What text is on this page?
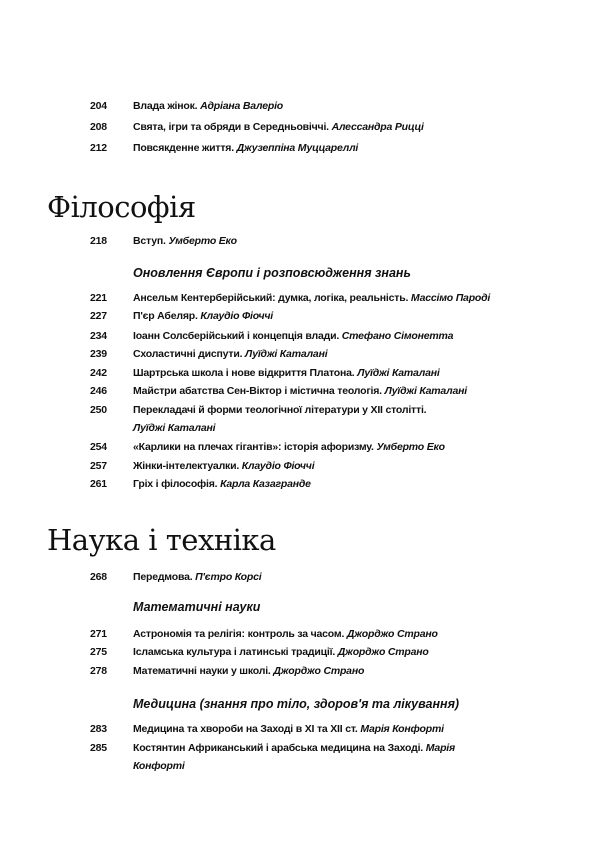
204	Влада жінок. Адріана Валеріо
208	Свята, ігри та обряди в Середньовіччі. Алессандра Рицці
212	Повсякденне життя. Джузеппіна Муццареллі
Філософія
218	Вступ. Умберто Еко
Оновлення Європи і розповсюдження знань
221	Ансельм Кентерберійський: думка, логіка, реальність. Массімо Пароді
227	П'єр Абеляр. Клаудіо Фіоччі
234	Іоанн Солсберійський і концепція влади. Стефано Сімонетта
239	Схоластичні диспути. Луїджі Каталані
242	Шартрська школа і нове відкриття Платона. Луїджі Каталані
246	Майстри абатства Сен-Віктор і містична теологія. Луїджі Каталані
250	Перекладачі й форми теологічної літератури у XII столітті. Луїджі Каталані
254	«Карлики на плечах гігантів»: історія афоризму. Умберто Еко
257	Жінки-інтелектуалки. Клаудіо Фіоччі
261	Гріх і філософія. Карла Казагранде
Наука і техніка
268	Передмова. П'єтро Корсі
Математичні науки
271	Астрономія та релігія: контроль за часом. Джорджо Страно
275	Ісламська культура і латинські традиції. Джорджо Страно
278	Математичні науки у школі. Джорджо Страно
Медицина (знання про тіло, здоров'я та лікування)
283	Медицина та хвороби на Заході в XI та XII ст. Марія Конфорті
285	Костянтин Африканський і арабська медицина на Заході. Марія Конфорті
